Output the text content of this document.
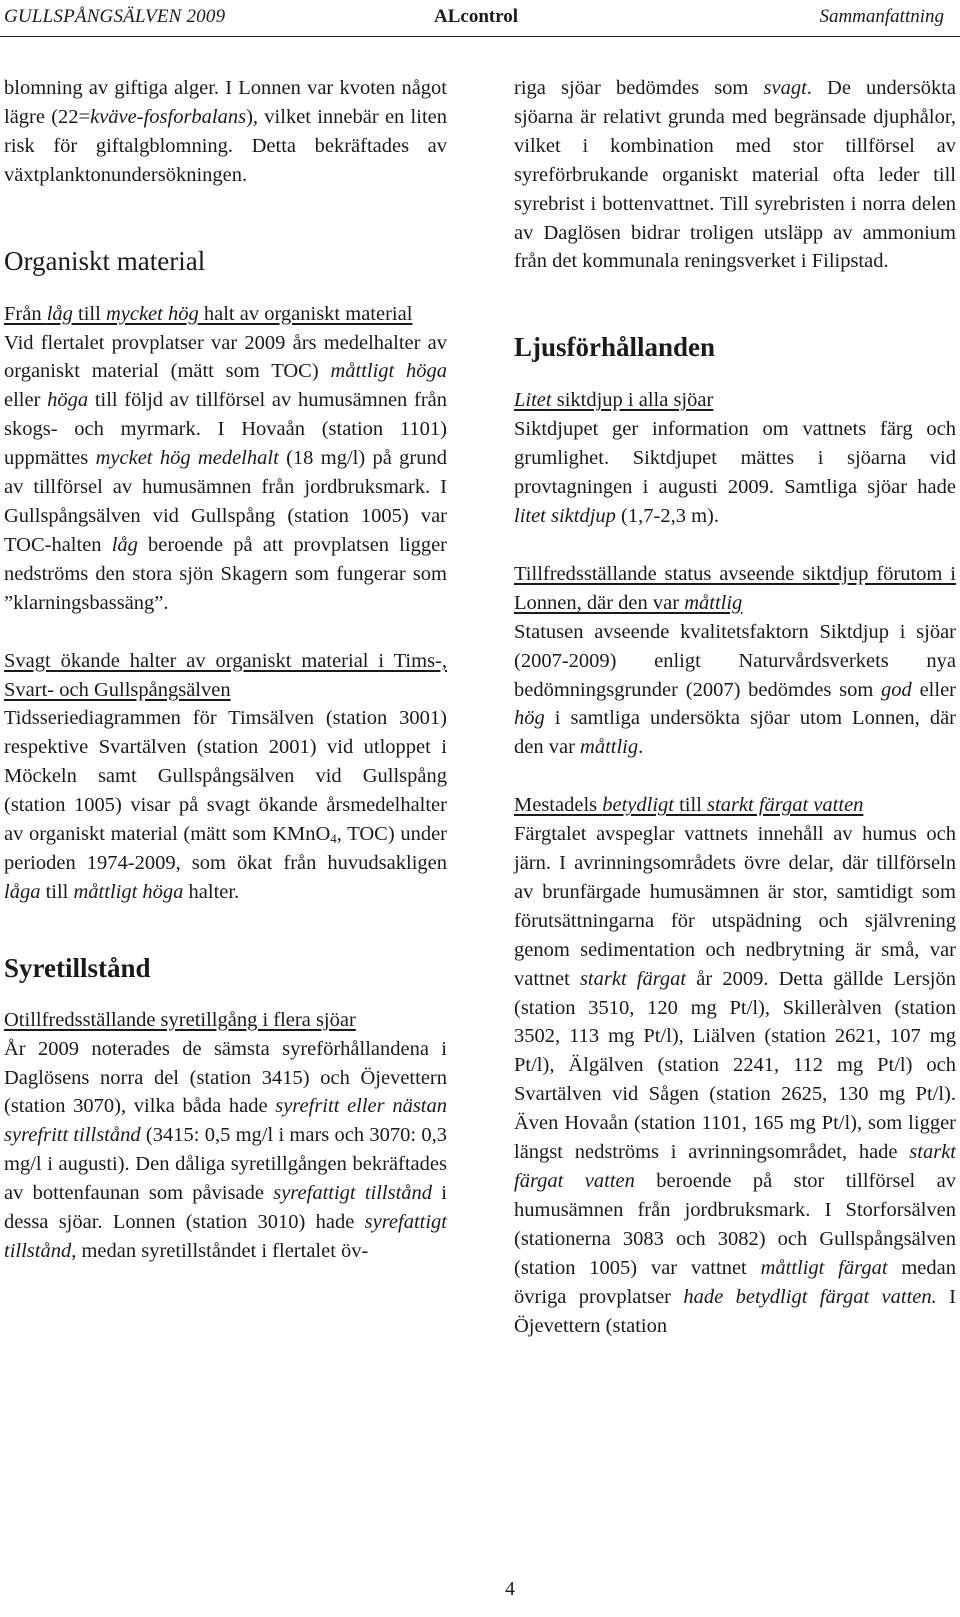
GULLSPÅNGSÄLVEN 2009	ALcontrol	Sammanfattning

blomning av giftiga alger. I Lonnen var kvoten något lägre (22=kväve-fosforbalans), vilket innebär en liten risk för giftalgblomning. Detta bekräftades av växtplanktonundersökningen.

Organiskt material

Från låg till mycket hög halt av organiskt material

Vid flertalet provplatser var 2009 års medelhalter av organiskt material (mätt som TOC) måttligt höga eller höga till följd av tillförsel av humusämnen från skogs- och myrmark. I Hovaån (station 1101) uppmättes mycket hög medelhalt (18 mg/l) på grund av tillförsel av humusämnen från jordbruksmark. I Gullspångsälven vid Gullspång (station 1005) var TOC-halten låg beroende på att provplatsen ligger nedströms den stora sjön Skagern som fungerar som ”klarningsbassäng”.

Svagt ökande halter av organiskt material i Tims-, Svart- och Gullspångsälven

Tidsseriediagrammen för Timsälven (station 3001) respektive Svartälven (station 2001) vid utloppet i Möckeln samt Gullspångsälven vid Gullspång (station 1005) visar på svagt ökande årsmedelhalter av organiskt material (mätt som KMnO$_4$, TOC) under perioden 1974-2009, som ökat från huvudsakligen låga till måttligt höga halter.

Syretillstånd

Otillfredsställande syretillgång i flera sjöar

År 2009 noterades de sämsta syreförhållandena i Daglösens norra del (station 3415) och Öjevettern (station 3070), vilka båda hade syrefritt eller nästan syrefritt tillstånd (3415: 0,5 mg/l i mars och 3070: 0,3 mg/l i augusti). Den dåliga syretillgången bekräftades av bottenfaunan som påvisade syrefattigt tillstånd i dessa sjöar. Lonnen (station 3010) hade syrefattigt tillstånd, medan syretillståndet i flertalet öv-

riga sjöar bedömdes som svagt. De undersökta sjöarna är relativt grunda med begränsade djuphålor, vilket i kombination med stor tillförsel av syreförbrukande organiskt material ofta leder till syrebrist i bottenvattnet. Till syrebristen i norra delen av Daglösen bidrar troligen utsläpp av ammonium från det kommunala reningsverket i Filipstad.

Ljusförhållanden

Litet siktdjup i alla sjöar

Siktdjupet ger information om vattnets färg och grumlighet. Siktdjupet mättes i sjöarna vid provtagningen i augusti 2009. Samtliga sjöar hade litet siktdjup (1,7-2,3 m).

Tillfredsställande status avseende siktdjup förutom i Lonnen, där den var måttlig

Statusen avseende kvalitetsfaktorn Siktdjup i sjöar (2007-2009) enligt Naturvårdsverkets nya bedömningsgrunder (2007) bedömdes som god eller hög i samtliga undersökta sjöar utom Lonnen, där den var måttlig.

Mestadels betydligt till starkt färgat vatten

Färgtalet avspeglar vattnets innehåll av humus och järn. I avrinningsområdets övre delar, där tillförseln av brunfärgade humusämnen är stor, samtidigt som förutsättningarna för utspädning och självrening genom sedimentation och nedbrytning är små, var vattnet starkt färgat år 2009. Detta gällde Lersjön (station 3510, 120 mg Pt/l), Skilleràlven (station 3502, 113 mg Pt/l), Liälven (station 2621, 107 mg Pt/l), Älgälven (station 2241, 112 mg Pt/l) och Svartälven vid Sågen (station 2625, 130 mg Pt/l). Även Hovaån (station 1101, 165 mg Pt/l), som ligger längst nedströms i avrinningsområdet, hade starkt färgat vatten beroende på stor tillförsel av humusämnen från jordbruksmark. I Storforsälven (stationerna 3083 och 3082) och Gullspångsälven (station 1005) var vattnet måttligt färgat medan övriga provplatser hade betydligt färgat vatten. I Öjevettern (station

4
